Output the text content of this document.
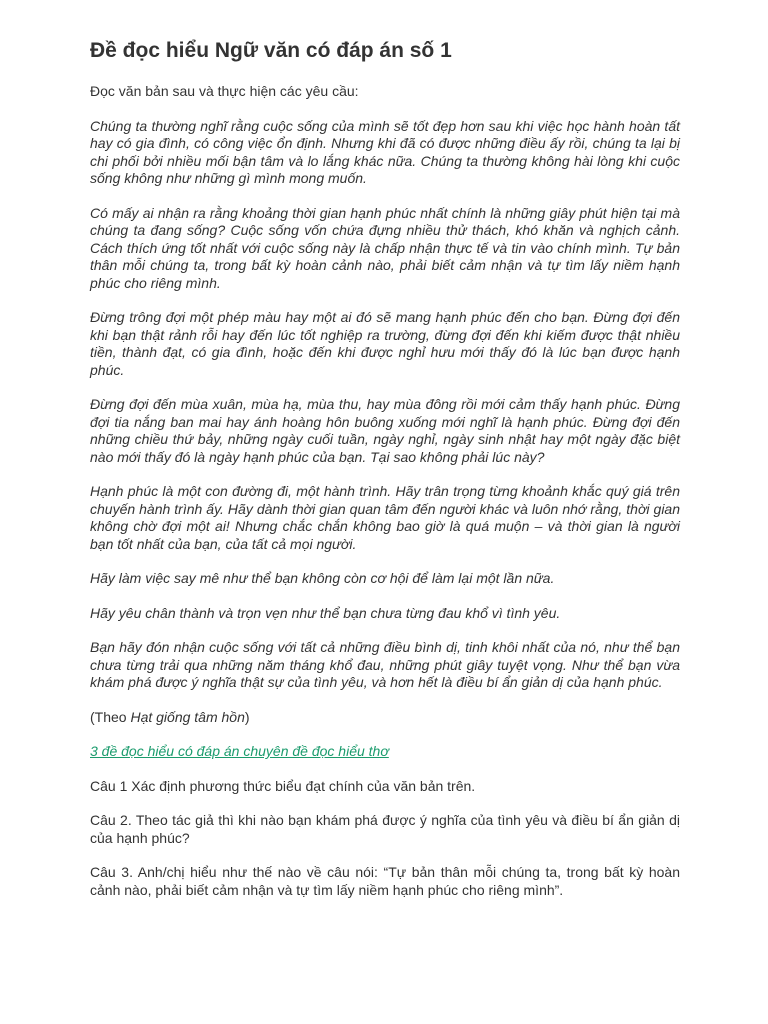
Đề đọc hiểu Ngữ văn có đáp án số 1

Đọc văn bản sau và thực hiện các yêu cầu:

Chúng ta thường nghĩ rằng cuộc sống của mình sẽ tốt đẹp hơn sau khi việc học hành hoàn tất hay có gia đình, có công việc ổn định. Nhưng khi đã có được những điều ấy rồi, chúng ta lại bị chi phối bởi nhiều mối bận tâm và lo lắng khác nữa. Chúng ta thường không hài lòng khi cuộc sống không như những gì mình mong muốn.

Có mấy ai nhận ra rằng khoảng thời gian hạnh phúc nhất chính là những giây phút hiện tại mà chúng ta đang sống? Cuộc sống vốn chứa đựng nhiều thử thách, khó khăn và nghịch cảnh. Cách thích ứng tốt nhất với cuộc sống này là chấp nhận thực tế và tin vào chính mình. Tự bản thân mỗi chúng ta, trong bất kỳ hoàn cảnh nào, phải biết cảm nhận và tự tìm lấy niềm hạnh phúc cho riêng mình.

Đừng trông đợi một phép màu hay một ai đó sẽ mang hạnh phúc đến cho bạn. Đừng đợi đến khi bạn thật rảnh rỗi hay đến lúc tốt nghiệp ra trường, đừng đợi đến khi kiếm được thật nhiều tiền, thành đạt, có gia đình, hoặc đến khi được nghỉ hưu mới thấy đó là lúc bạn được hạnh phúc.

Đừng đợi đến mùa xuân, mùa hạ, mùa thu, hay mùa đông rồi mới cảm thấy hạnh phúc. Đừng đợi tia nắng ban mai hay ánh hoàng hôn buông xuống mới nghĩ là hạnh phúc. Đừng đợi đến những chiều thứ bảy, những ngày cuối tuần, ngày nghỉ, ngày sinh nhật hay một ngày đặc biệt nào mới thấy đó là ngày hạnh phúc của bạn. Tại sao không phải lúc này?

Hạnh phúc là một con đường đi, một hành trình. Hãy trân trọng từng khoảnh khắc quý giá trên chuyến hành trình ấy. Hãy dành thời gian quan tâm đến người khác và luôn nhớ rằng, thời gian không chờ đợi một ai! Nhưng chắc chắn không bao giờ là quá muộn – và thời gian là người bạn tốt nhất của bạn, của tất cả mọi người.

Hãy làm việc say mê như thể bạn không còn cơ hội để làm lại một lần nữa.

Hãy yêu chân thành và trọn vẹn như thể bạn chưa từng đau khổ vì tình yêu.

Bạn hãy đón nhận cuộc sống với tất cả những điều bình dị, tinh khôi nhất của nó, như thể bạn chưa từng trải qua những năm tháng khổ đau, những phút giây tuyệt vọng. Như thể bạn vừa khám phá được ý nghĩa thật sự của tình yêu, và hơn hết là điều bí ẩn giản dị của hạnh phúc.

(Theo Hạt giống tâm hồn)

3 đề đọc hiểu có đáp án chuyên đề đọc hiểu thơ

Câu 1 Xác định phương thức biểu đạt chính của văn bản trên.

Câu 2. Theo tác giả thì khi nào bạn khám phá được ý nghĩa của tình yêu và điều bí ẩn giản dị của hạnh phúc?

Câu 3. Anh/chị hiểu như thế nào về câu nói: “Tự bản thân mỗi chúng ta, trong bất kỳ hoàn cảnh nào, phải biết cảm nhận và tự tìm lấy niềm hạnh phúc cho riêng mình”.
